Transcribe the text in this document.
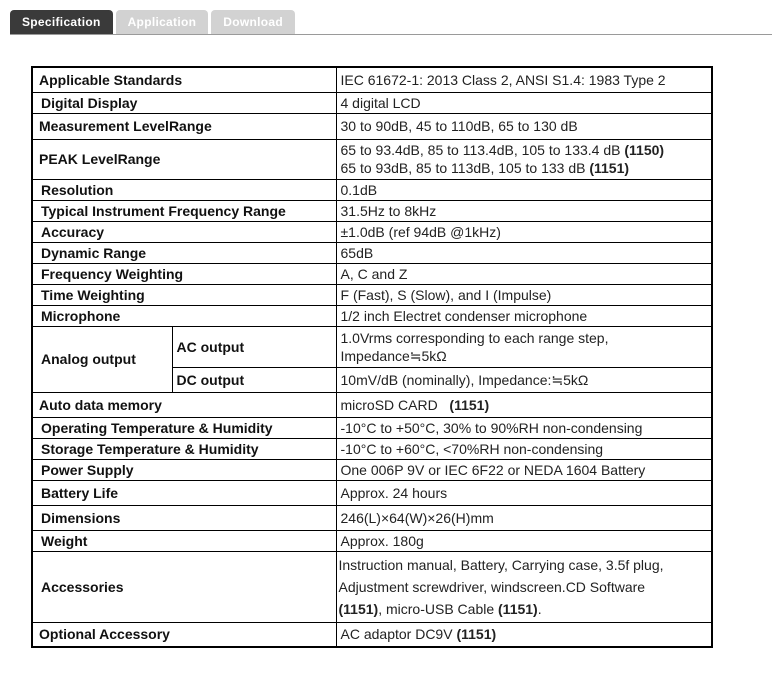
Specification	Application	Download
Applicable Standards		IEC 61672-1: 2013 Class 2, ANSI S1.4: 1983 Type 2
Digital Display		4 digital LCD
Measurement LevelRange		30 to 90dB, 45 to 110dB, 65 to 130 dB
PEAK LevelRange		65 to 93.4dB, 85 to 113.4dB, 105 to 133.4 dB (1150)
65 to 93dB, 85 to 113dB, 105 to 133 dB (1151)

Resolution		0.1dB
Typical Instrument Frequency Range		31.5Hz to 8kHz
Accuracy		±1.0dB (ref 94dB @1kHz)
Dynamic Range		65dB
Frequency Weighting		A, C and Z
Time Weighting		F (Fast), S (Slow), and I (Impulse)
Microphone		1/2 inch Electret condenser microphone
Analog output	AC output	1.0Vrms corresponding to each range step,
Impedance≒5kΩ

	DC output	10mV/dB (nominally), Impedance:≒5kΩ
Auto data memory		microSD CARD (1151)
Operating Temperature & Humidity		-10°C to +50°C, 30% to 90%RH non-condensing
Storage Temperature & Humidity		-10°C to +60°C, <70%RH non-condensing
Power Supply		One 006P 9V or IEC 6F22 or NEDA 1604 Battery
Battery Life		Approx. 24 hours
Dimensions		246(L)×64(W)×26(H)mm
Weight		Approx. 180g
Accessories		Instruction manual, Battery, Carrying case, 3.5f plug,
Adjustment screwdriver, windscreen.CD Software
(1151), micro-USB Cable (1151).

Optional Accessory		AC adaptor DC9V (1151)
